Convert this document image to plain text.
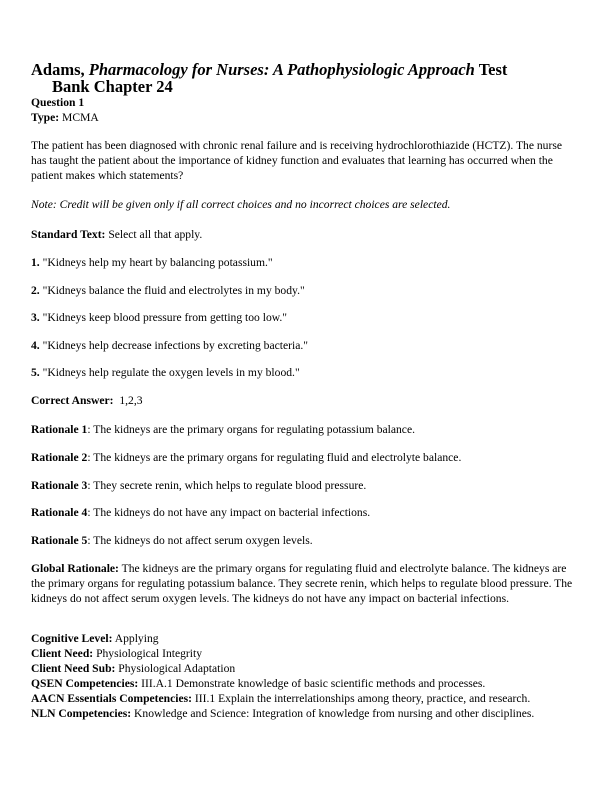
Adams, Pharmacology for Nurses: A Pathophysiologic Approach Test
Bank Chapter 24
Question 1
Type: MCMA
The patient has been diagnosed with chronic renal failure and is receiving hydrochlorothiazide (HCTZ). The nurse has taught the patient about the importance of kidney function and evaluates that learning has occurred when the patient makes which statements?
Note: Credit will be given only if all correct choices and no incorrect choices are selected.
Standard Text: Select all that apply.
1. "Kidneys help my heart by balancing potassium."
2. "Kidneys balance the fluid and electrolytes in my body."
3. "Kidneys keep blood pressure from getting too low."
4. "Kidneys help decrease infections by excreting bacteria."
5. "Kidneys help regulate the oxygen levels in my blood."
Correct Answer: 1,2,3
Rationale 1: The kidneys are the primary organs for regulating potassium balance.
Rationale 2: The kidneys are the primary organs for regulating fluid and electrolyte balance.
Rationale 3: They secrete renin, which helps to regulate blood pressure.
Rationale 4: The kidneys do not have any impact on bacterial infections.
Rationale 5: The kidneys do not affect serum oxygen levels.
Global Rationale: The kidneys are the primary organs for regulating fluid and electrolyte balance. The kidneys are the primary organs for regulating potassium balance. They secrete renin, which helps to regulate blood pressure. The kidneys do not affect serum oxygen levels. The kidneys do not have any impact on bacterial infections.
Cognitive Level: Applying
Client Need: Physiological Integrity
Client Need Sub: Physiological Adaptation
QSEN Competencies: III.A.1 Demonstrate knowledge of basic scientific methods and processes.
AACN Essentials Competencies: III.1 Explain the interrelationships among theory, practice, and research.
NLN Competencies: Knowledge and Science: Integration of knowledge from nursing and other disciplines.
